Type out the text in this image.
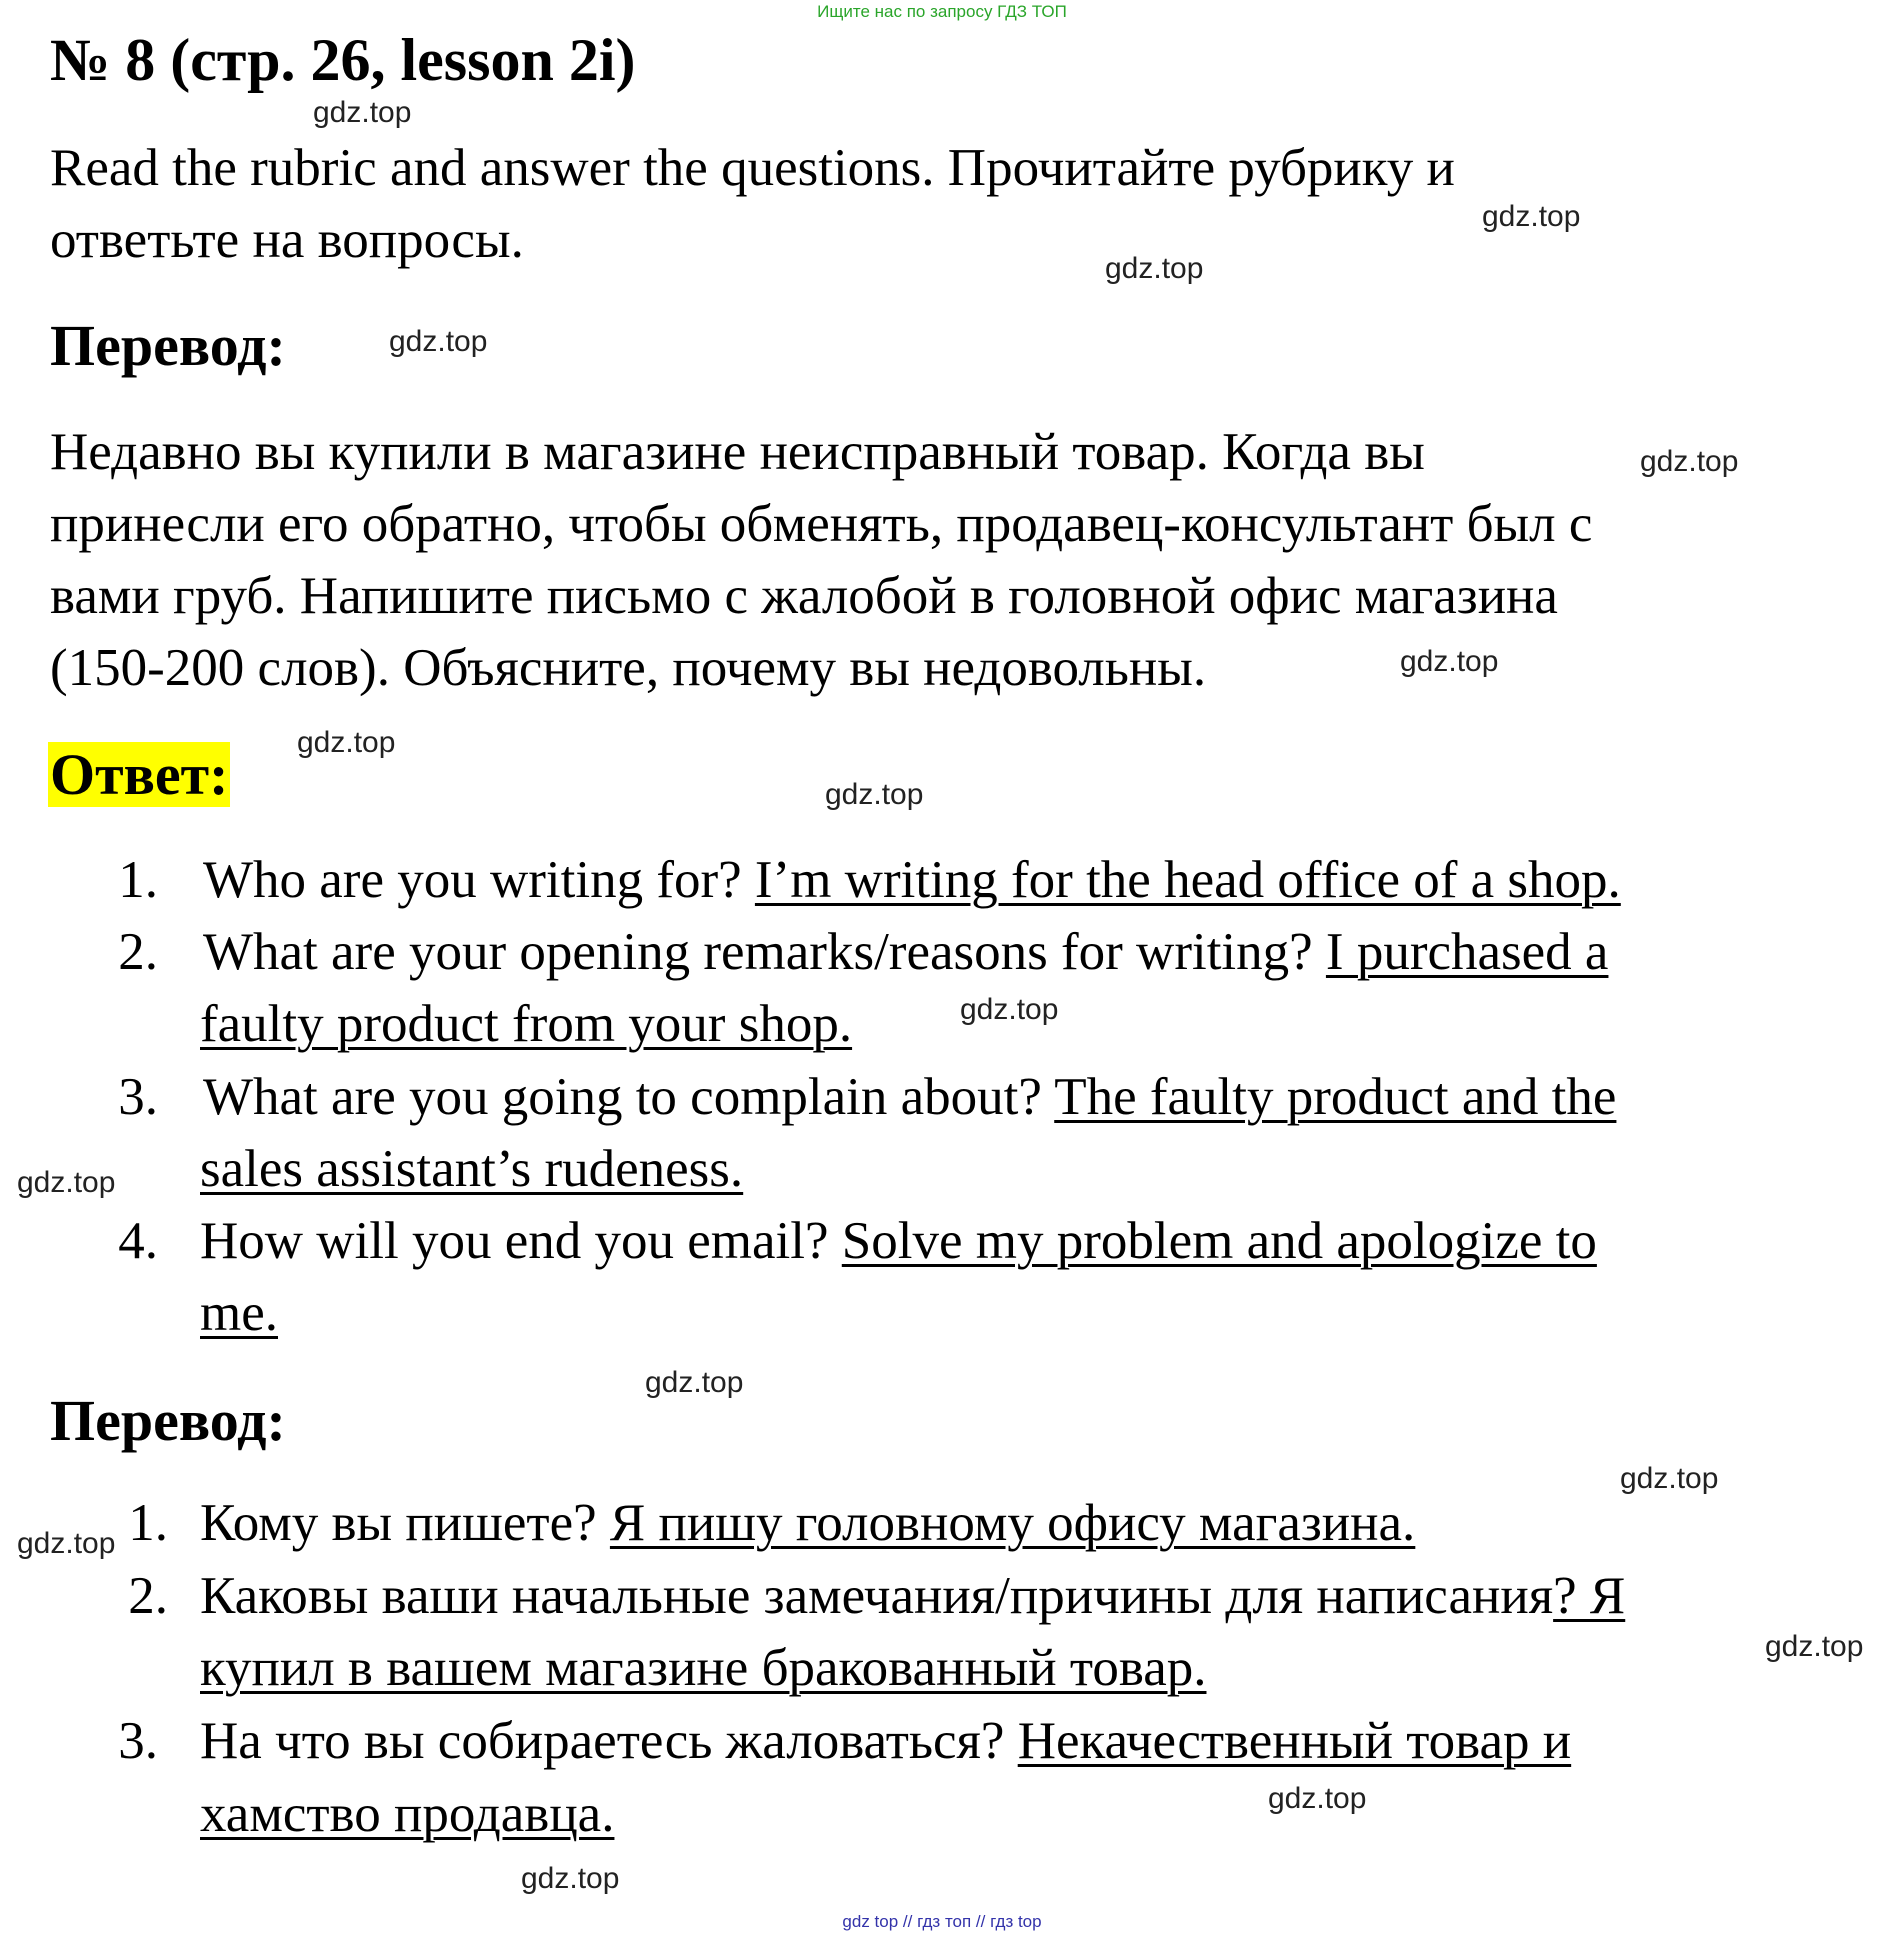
Ищите нас по запросу ГДЗ ТОП
№ 8 (стр. 26, lesson 2i)
Read the rubric and answer the questions. Прочитайте рубрику и
ответьте на вопросы.
Перевод:
Недавно вы купили в магазине неисправный товар. Когда вы
принесли его обратно, чтобы обменять, продавец-консультант был с
вами груб. Напишите письмо с жалобой в головной офис магазина
(150-200 слов). Объясните, почему вы недовольны.
Ответ:
1. Who are you writing for? I’m writing for the head office of a shop.
2. What are your opening remarks/reasons for writing? I purchased a
faulty product from your shop.
3. What are you going to complain about? The faulty product and the
sales assistant’s rudeness.
4. How will you end you email? Solve my problem and apologize to
me.
Перевод:
1. Кому вы пишете? Я пишу головному офису магазина.
2. Каковы ваши начальные замечания/причины для написания? Я
купил в вашем магазине бракованный товар.
3. На что вы собираетесь жаловаться? Некачественный товар и
хамство продавца.
gdz.top
gdz.top
gdz.top
gdz.top
gdz.top
gdz.top
gdz.top
gdz.top
gdz.top
gdz.top
gdz.top
gdz.top
gdz.top
gdz.top
gdz.top
gdz.top
gdz top // гдз топ // гдз top
